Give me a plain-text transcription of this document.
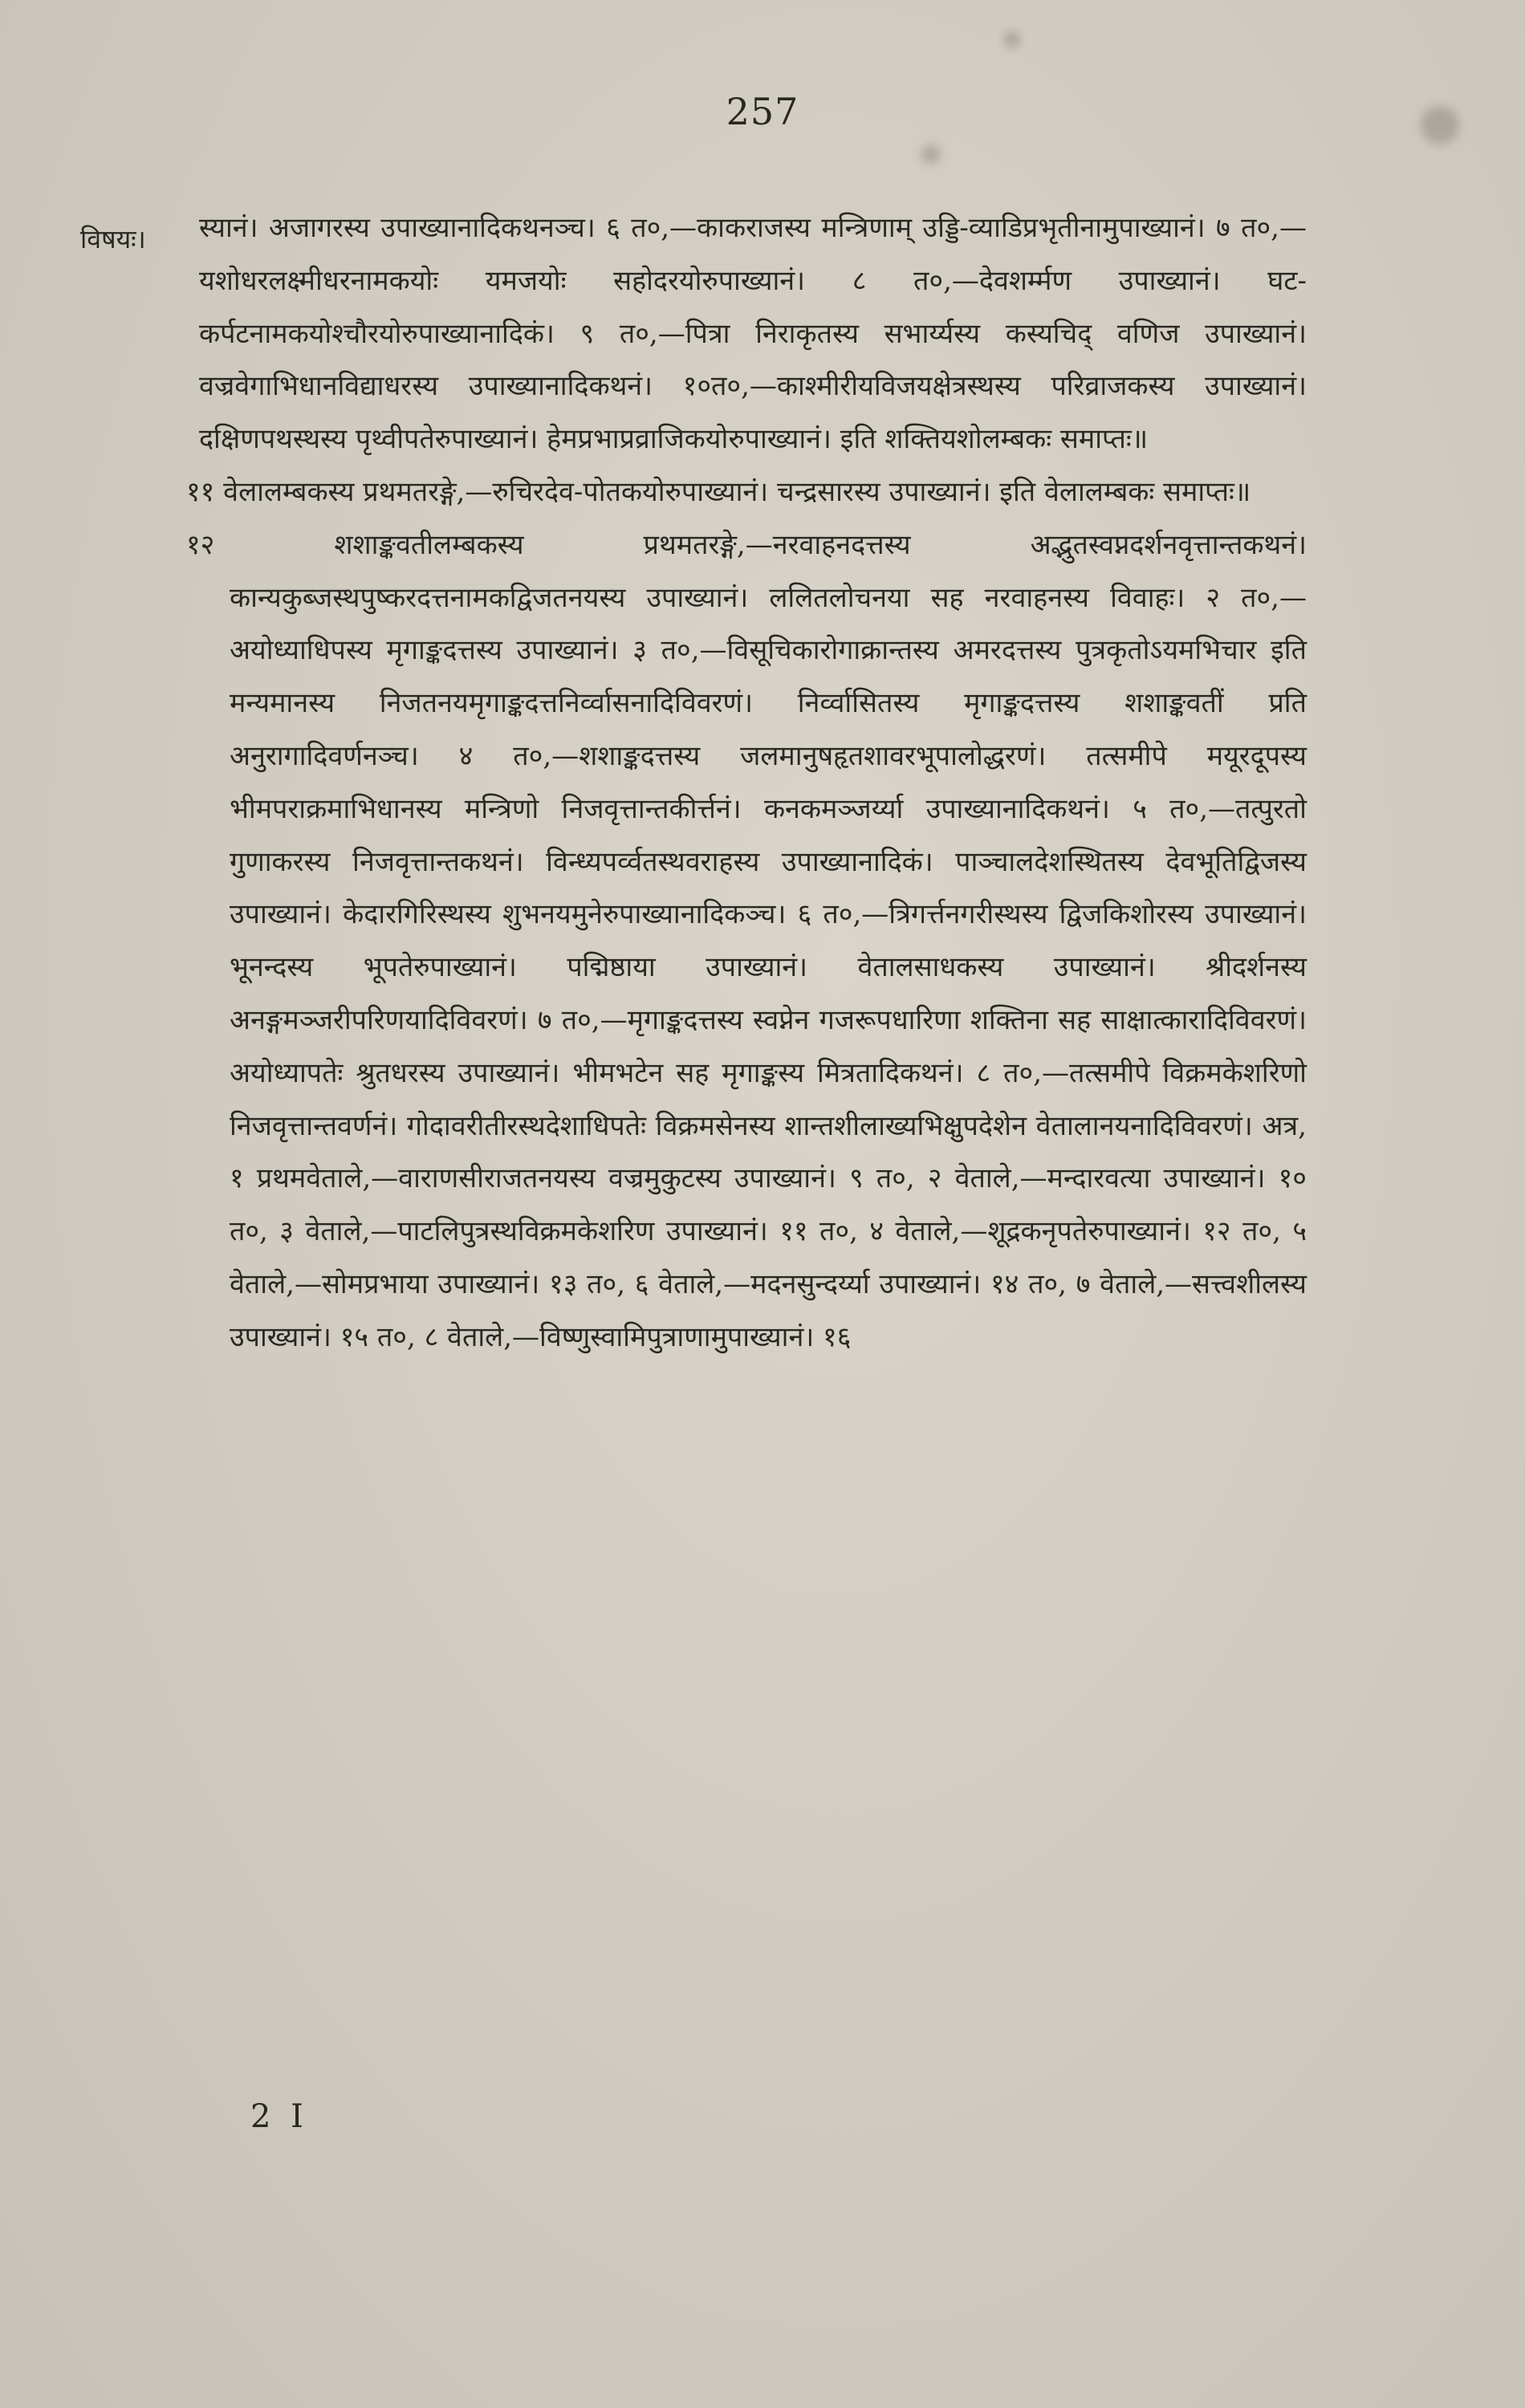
257
विषयः। स्यानं। अजागरस्य उपाख्यानादिकथनञ्च। ६ त०,—काकराजस्य मन्त्रिणाम् उड्डि-व्याडिप्रभृतीनामुपाख्यानं। ७ त०,—यशोधरलक्ष्मीधरनामकयोः यमजयोः सहोदरयोरुपाख्यानं। ८ त०,—देवशर्म्मण उपाख्यानं। घट-कर्पटनामकयोश्चौरयोरुपाख्यानादिकं। ९ त०,—पित्रा निराकृतस्य सभार्य्यस्य कस्यचिद् वणिज उपाख्यानं। वज्रवेगाभिधानविद्याधरस्य उपाख्यानादिकथनं। १०त०,—काश्मीरीयविजयक्षेत्रस्थस्य परिव्राजकस्य उपाख्यानं। दक्षिणपथस्थस्य पृथ्वीपतेरुपाख्यानं। हेमप्रभाप्रव्राजिकयोरुपाख्यानं। इति शक्तियशोलम्बकः समाप्तः॥

११ वेलालम्बकस्य प्रथमतरङ्गे,—रुचिरदेव-पोतकयोरुपाख्यानं। चन्द्रसारस्य उपाख्यानं। इति वेलालम्बकः समाप्तः॥

१२ शशाङ्कवतीलम्बकस्य प्रथमतरङ्गे,—नरवाहनदत्तस्य अद्भुतस्वप्नदर्शनवृत्तान्तकथनं। कान्यकुब्जस्थपुष्करदत्तनामकद्विजतनयस्य उपाख्यानं। ललितलोचनया सह नरवाहनस्य विवाहः। २ त०,—अयोध्याधिपस्य मृगाङ्कदत्तस्य उपाख्यानं। ३ त०,—विसूचिकारोगाक्रान्तस्य अमरदत्तस्य पुत्रकृतोऽयमभिचार इति मन्यमानस्य निजतनयमृगाङ्कदत्तनिर्व्वासनादिविवरणं। निर्व्वासितस्य मृगाङ्कदत्तस्य शशाङ्कवतीं प्रति अनुरागादिवर्णनञ्च। ४ त०,—शशाङ्कदत्तस्य जलमानुषहृतशावरभूपालोद्धरणं। तत्समीपे मयूरदूपस्य भीमपराक्रमाभिधानस्य मन्त्रिणो निजवृत्तान्तकीर्त्तनं। कनकमञ्जर्य्या उपाख्यानादिकथनं। ५ त०,—तत्पुरतो गुणाकरस्य निजवृत्तान्तकथनं। विन्ध्यपर्व्वतस्थवराहस्य उपाख्यानादिकं। पाञ्चालदेशस्थितस्य देवभूतिद्विजस्य उपाख्यानं। केदारगिरिस्थस्य शुभनयमुनेरुपाख्यानादिकञ्च। ६ त०,—त्रिगर्त्तनगरीस्थस्य द्विजकिशोरस्य उपाख्यानं। भूनन्दस्य भूपतेरुपाख्यानं। पद्मिष्ठाया उपाख्यानं। वेतालसाधकस्य उपाख्यानं। श्रीदर्शनस्य अनङ्गमञ्जरीपरिणयादिविवरणं। ७ त०,—मृगाङ्कदत्तस्य स्वप्नेन गजरूपधारिणा शक्तिना सह साक्षात्कारादिविवरणं। अयोध्यापतेः श्रुतधरस्य उपाख्यानं। भीमभटेन सह मृगाङ्कस्य मित्रतादिकथनं। ८ त०,—तत्समीपे विक्रमकेशरिणो निजवृत्तान्तवर्णनं। गोदावरीतीरस्थदेशाधिपतेः विक्रमसेनस्य शान्तशीलाख्यभिक्षुपदेशेन वेतालानयनादिविवरणं। अत्र, १ प्रथमवेताले,—वाराणसीराजतनयस्य वज्रमुकुटस्य उपाख्यानं। ९ त०, २ वेताले,—मन्दारवत्या उपाख्यानं। १० त०, ३ वेताले,—पाटलिपुत्रस्थविक्रमकेशरिण उपाख्यानं। ११ त०, ४ वेताले,—शूद्रकनृपतेरुपाख्यानं। १२ त०, ५ वेताले,—सोमप्रभाया उपाख्यानं। १३ त०, ६ वेताले,—मदनसुन्दर्य्या उपाख्यानं। १४ त०, ७ वेताले,—सत्त्वशीलस्य उपाख्यानं। १५ त०, ८ वेताले,—विष्णुस्वामिपुत्राणामुपाख्यानं। १६

2 I
